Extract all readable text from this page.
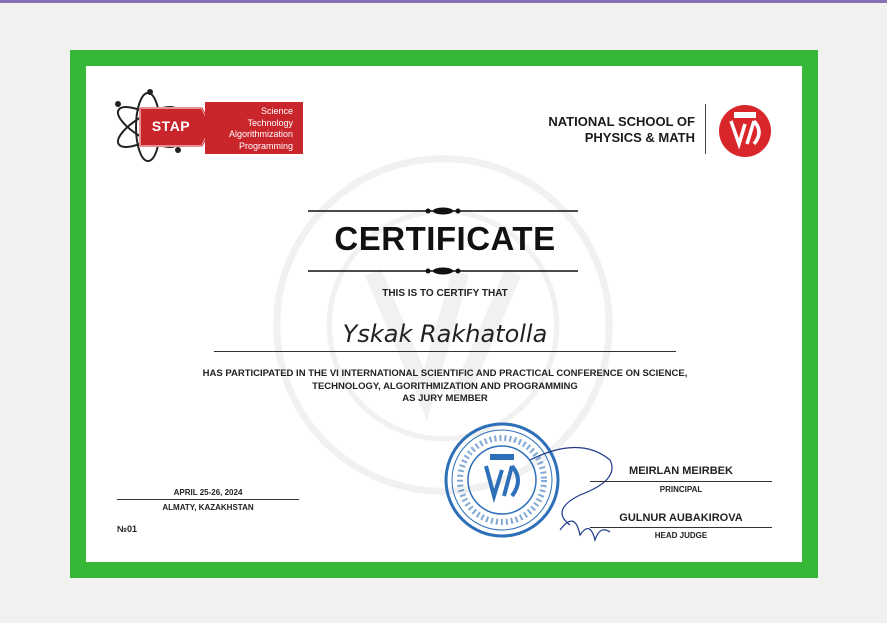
STAP
Science
Technology
Algorithmization
Programming
NATIONAL SCHOOL OF
PHYSICS & MATH
CERTIFICATE
THIS IS TO CERTIFY THAT
Yskak Rakhatolla
HAS PARTICIPATED IN THE VI INTERNATIONAL SCIENTIFIC AND PRACTICAL CONFERENCE ON SCIENCE,
TECHNOLOGY, ALGORITHMIZATION AND PROGRAMMING
AS JURY MEMBER
APRIL 25-26, 2024
ALMATY, KAZAKHSTAN
№01
MEIRLAN MEIRBEK
PRINCIPAL
GULNUR AUBAKIROVA
HEAD JUDGE
